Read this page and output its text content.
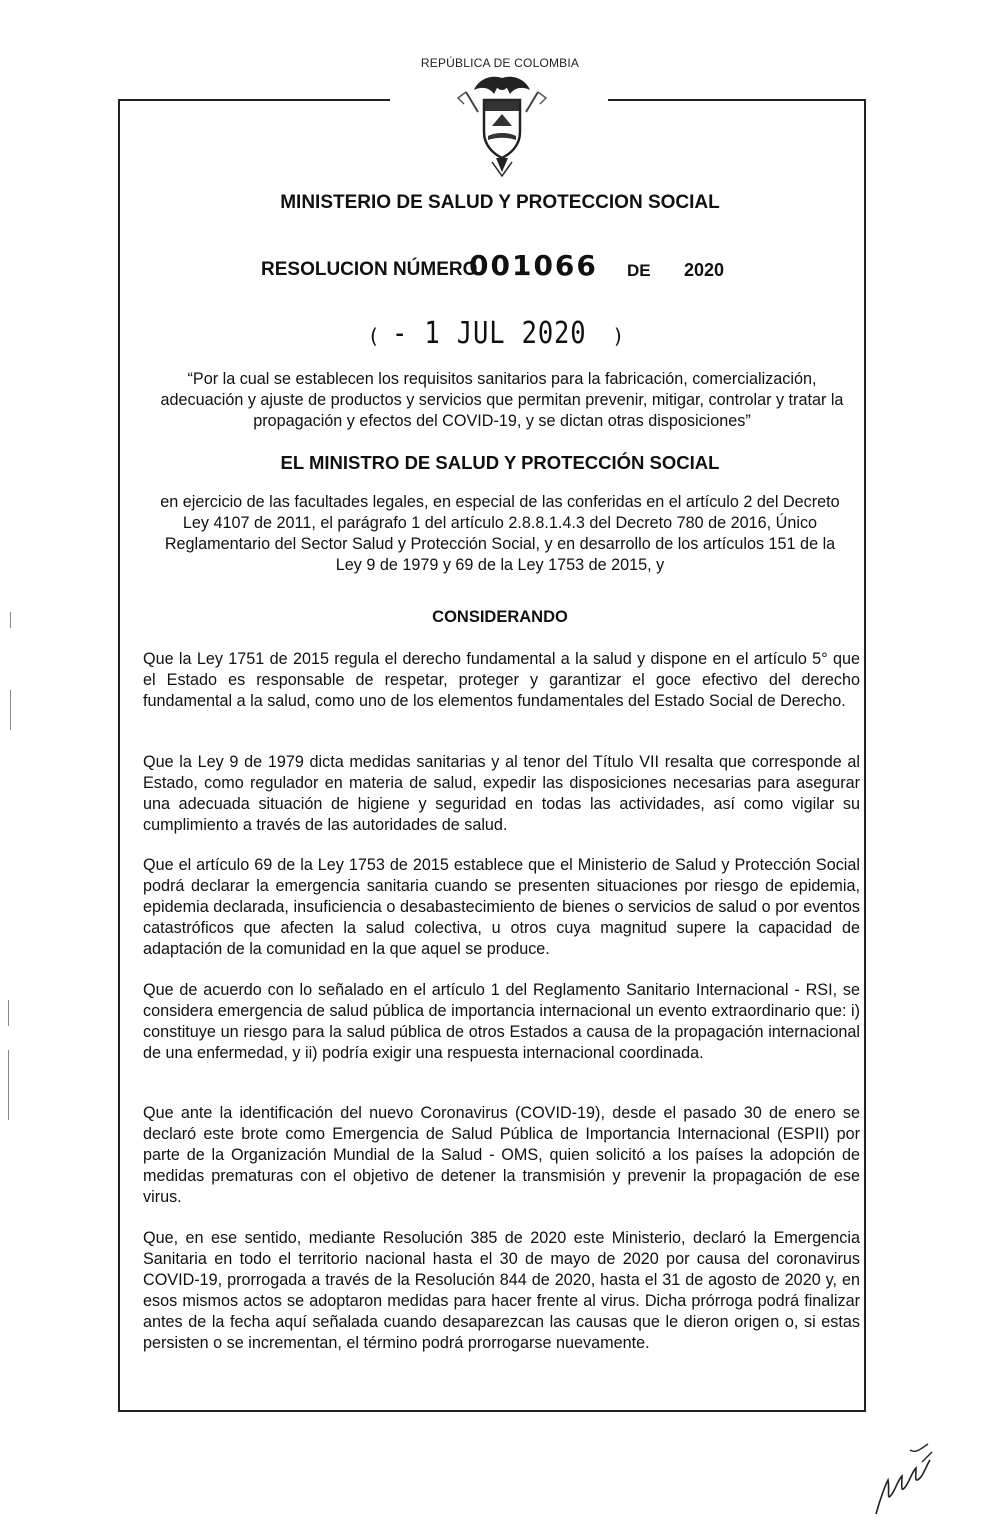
REPÚBLICA DE COLOMBIA
MINISTERIO DE SALUD Y PROTECCION SOCIAL
RESOLUCION NÚMERO
001066 DE 2020
( - 1 JUL 2020 )
“Por la cual se establecen los requisitos sanitarios para la fabricación, comercialización, adecuación y ajuste de productos y servicios que permitan prevenir, mitigar, controlar y tratar la propagación y efectos del COVID-19, y se dictan otras disposiciones”
EL MINISTRO DE SALUD Y PROTECCIÓN SOCIAL
en ejercicio de las facultades legales, en especial de las conferidas en el artículo 2 del Decreto Ley 4107 de 2011, el parágrafo 1 del artículo 2.8.8.1.4.3 del Decreto 780 de 2016, Único Reglamentario del Sector Salud y Protección Social, y en desarrollo de los artículos 151 de la Ley 9 de 1979 y 69 de la Ley 1753 de 2015, y
CONSIDERANDO
Que la Ley 1751 de 2015 regula el derecho fundamental a la salud y dispone en el artículo 5° que el Estado es responsable de respetar, proteger y garantizar el goce efectivo del derecho fundamental a la salud, como uno de los elementos fundamentales del Estado Social de Derecho.
Que la Ley 9 de 1979 dicta medidas sanitarias y al tenor del Título VII resalta que corresponde al Estado, como regulador en materia de salud, expedir las disposiciones necesarias para asegurar una adecuada situación de higiene y seguridad en todas las actividades, así como vigilar su cumplimiento a través de las autoridades de salud.
Que el artículo 69 de la Ley 1753 de 2015 establece que el Ministerio de Salud y Protección Social podrá declarar la emergencia sanitaria cuando se presenten situaciones por riesgo de epidemia, epidemia declarada, insuficiencia o desabastecimiento de bienes o servicios de salud o por eventos catastróficos que afecten la salud colectiva, u otros cuya magnitud supere la capacidad de adaptación de la comunidad en la que aquel se produce.
Que de acuerdo con lo señalado en el artículo 1 del Reglamento Sanitario Internacional - RSI, se considera emergencia de salud pública de importancia internacional un evento extraordinario que: i) constituye un riesgo para la salud pública de otros Estados a causa de la propagación internacional de una enfermedad, y ii) podría exigir una respuesta internacional coordinada.
Que ante la identificación del nuevo Coronavirus (COVID-19), desde el pasado 30 de enero se declaró este brote como Emergencia de Salud Pública de Importancia Internacional (ESPII) por parte de la Organización Mundial de la Salud - OMS, quien solicitó a los países la adopción de medidas prematuras con el objetivo de detener la transmisión y prevenir la propagación de ese virus.
Que, en ese sentido, mediante Resolución 385 de 2020 este Ministerio, declaró la Emergencia Sanitaria en todo el territorio nacional hasta el 30 de mayo de 2020 por causa del coronavirus COVID-19, prorrogada a través de la Resolución 844 de 2020, hasta el 31 de agosto de 2020 y, en esos mismos actos se adoptaron medidas para hacer frente al virus. Dicha prórroga podrá finalizar antes de la fecha aquí señalada cuando desaparezcan las causas que le dieron origen o, si estas persisten o se incrementan, el término podrá prorrogarse nuevamente.
